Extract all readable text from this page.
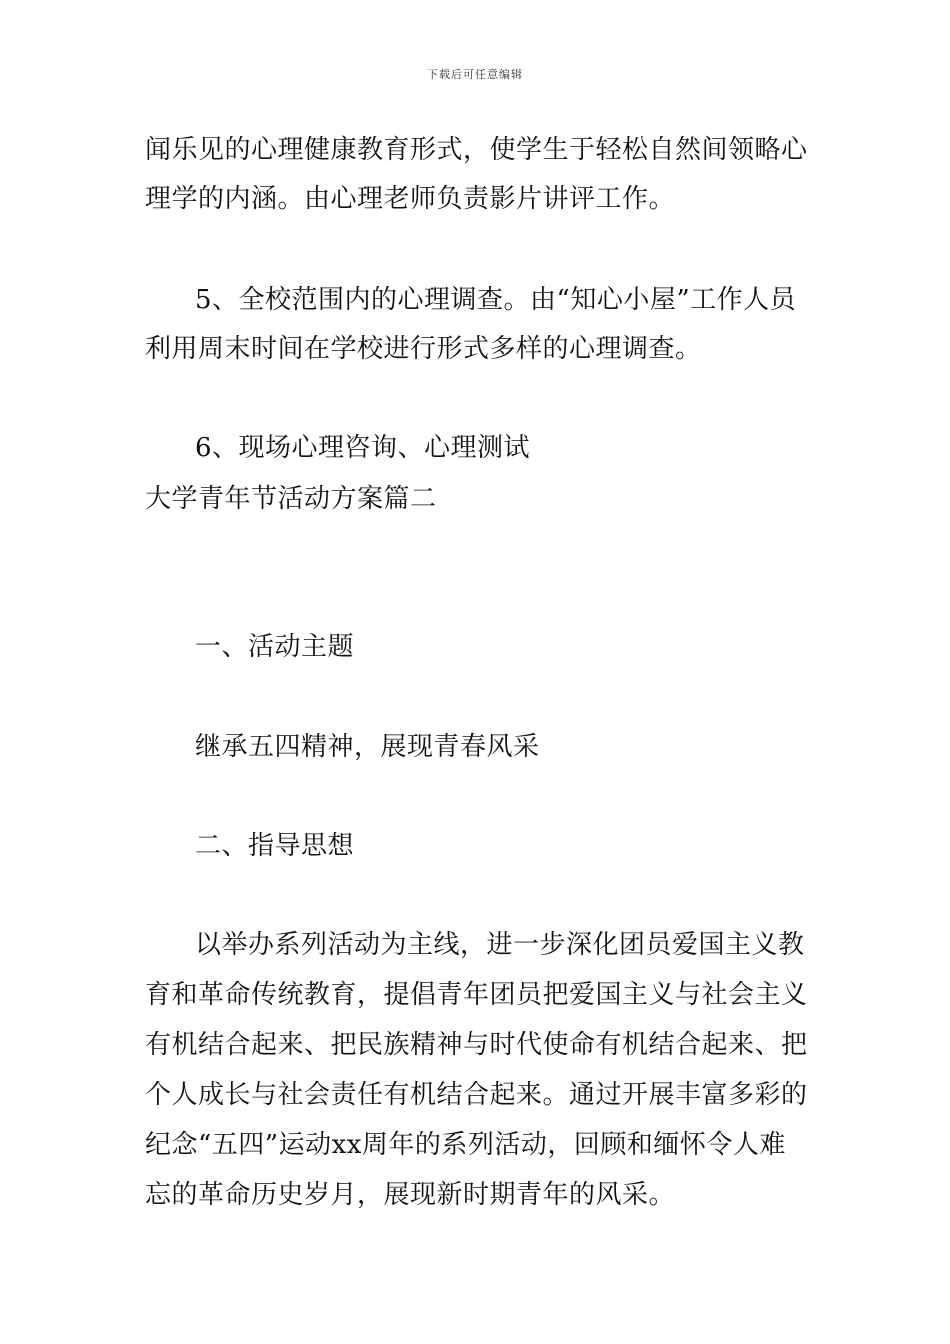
下载后可任意编辑
闻乐见的心理健康教育形式，使学生于轻松自然间领略心
理学的内涵。由心理老师负责影片讲评工作。
5、全校范围内的心理调查。由“知心小屋”工作人员
利用周末时间在学校进行形式多样的心理调查。
6、现场心理咨询、心理测试
大学青年节活动方案篇二
一、活动主题
继承五四精神，展现青春风采
二、指导思想
以举办系列活动为主线，进一步深化团员爱国主义教
育和革命传统教育，提倡青年团员把爱国主义与社会主义
有机结合起来、把民族精神与时代使命有机结合起来、把
个人成长与社会责任有机结合起来。通过开展丰富多彩的
纪念“五四”运动xx周年的系列活动，回顾和缅怀令人难
忘的革命历史岁月，展现新时期青年的风采。
